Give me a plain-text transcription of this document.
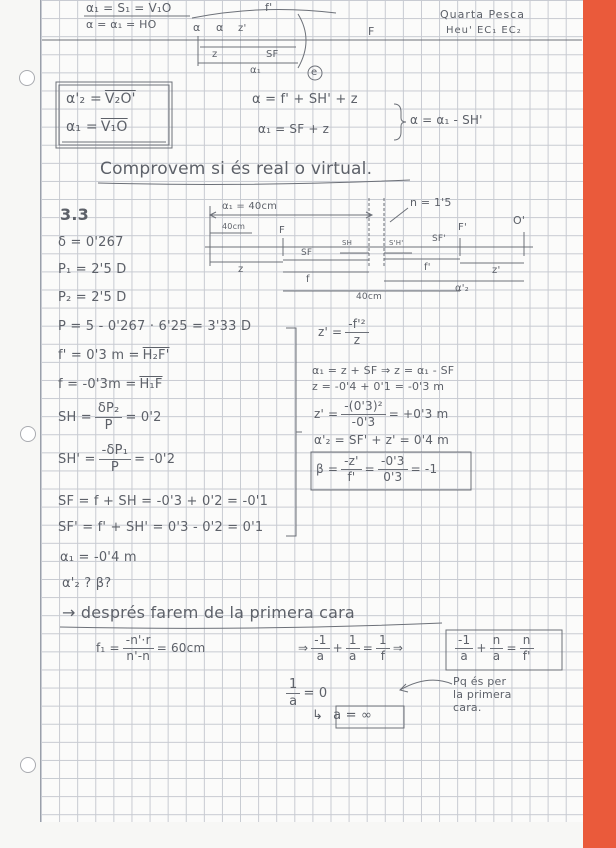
α₁ = S₁ = V₁O
α = α₁ = HO
Quarta Pesca
Heu' EC₁ EC₂
f'
F
α α z'
z	SF
α₁	e
α'₂ = V₂O'
α₁ = V₁O
α = f' + SH' + z
α₁ = SF + z
α = α₁ - SH'
Comprovem si és real o virtual.
3.3
δ = 0'267
P₁ = 2'5 D
P₂ = 2'5 D
P = 5 - 0'267 · 6'25 = 3'33 D
f' = 0'3 m = H₂F'
f = -0'3m = H₁F
SH = $\frac{\text{δP₂}}{P} = 0'2$
$SH' = \frac{\text{-δP₁}}{P} = -0'2$
SF = f + SH = -0'3 + 0'2 = -0'1
SF' = f' + SH' = 0'3 - 0'2 = 0'1
α₁ = -0'4 m
α'₂ ? β?
α₁ = 40cm	n = 1'5
F	F'
O'
40cm
z
SF
f
SH	S'H'	SF'
f'	z'
40cm
α'₂
$z' = \frac{\text{-f'²}}{z}$
α₁ = z + SF ⇒ z = α₁ - SF
z = -0'4 + 0'1 = -0'3 m
$z' = \frac{\text{-(0'3)²}}{-0'3} = +0'3$ m
α'₂ = SF' + z' = 0'4 m
$\beta = \frac{-z'}{f'} = \frac{-0'3}{0'3} = -1$
→ després farem de la primera cara
$f_1 = \frac{-n'\cdot r}{n'-n} = 60cm$	⇒ $\frac{-1}{a} + \frac{1}{a} = \frac{1}{f}$ ⇒	$\frac{-1}{a} + \frac{n}{a} = \frac{n}{f'}$
Pq és per
la primera
cara.
$\frac{1}{a} = 0$
↳ a = ∞
